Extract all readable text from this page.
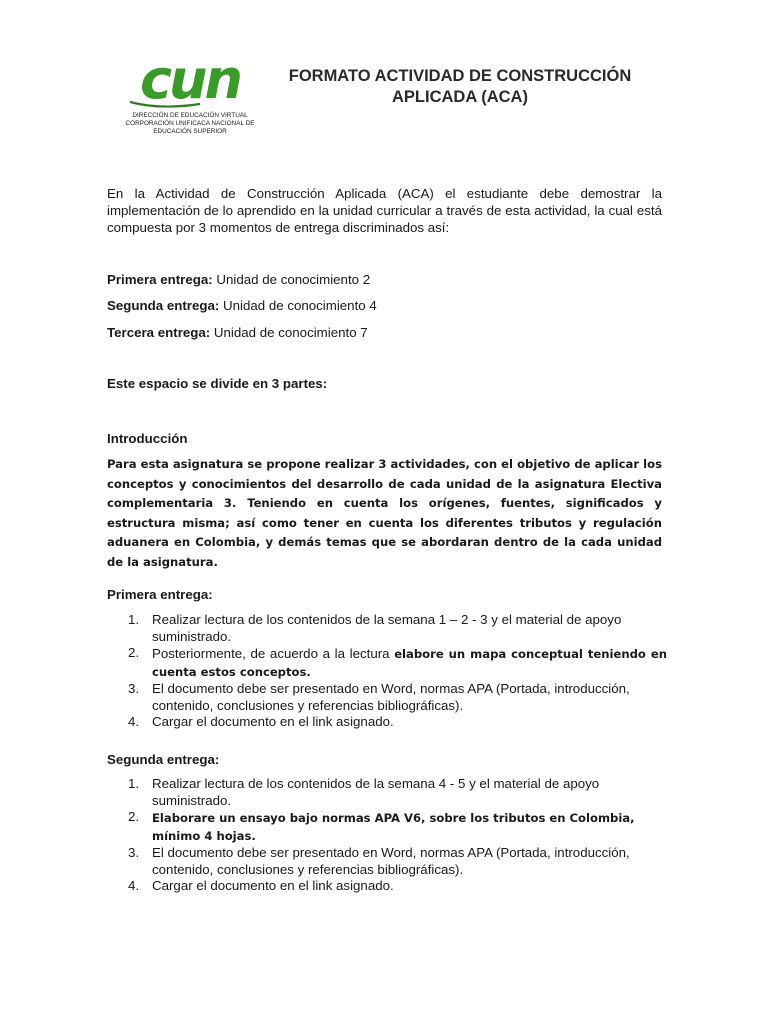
cun
DIRECCIÓN DE EDUCACIÓN VIRTUAL
CORPORACIÓN UNIFICACA NACIONAL DE
EDUCACIÓN SUPERIOR
FORMATO ACTIVIDAD DE CONSTRUCCIÓN
APLICADA (ACA)
En la Actividad de Construcción Aplicada (ACA) el estudiante debe demostrar la implementación de lo aprendido en la unidad curricular a través de esta actividad, la cual está compuesta por 3 momentos de entrega discriminados así:
Primera entrega: Unidad de conocimiento 2
Segunda entrega: Unidad de conocimiento 4
Tercera entrega: Unidad de conocimiento 7
Este espacio se divide en 3 partes:
Introducción
Para esta asignatura se propone realizar 3 actividades, con el objetivo de aplicar los conceptos y conocimientos del desarrollo de cada unidad de la asignatura Electiva complementaria 3. Teniendo en cuenta los orígenes, fuentes, significados y estructura misma; así como tener en cuenta los diferentes tributos y regulación aduanera en Colombia, y demás temas que se abordaran dentro de la cada unidad de la asignatura.
Primera entrega:
1. Realizar lectura de los contenidos de la semana 1 – 2 - 3 y el material de apoyo suministrado.
2. Posteriormente, de acuerdo a la lectura elabore un mapa conceptual teniendo en cuenta estos conceptos.
3. El documento debe ser presentado en Word, normas APA (Portada, introducción, contenido, conclusiones y referencias bibliográficas).
4. Cargar el documento en el link asignado.
Segunda entrega:
1. Realizar lectura de los contenidos de la semana 4 - 5 y el material de apoyo suministrado.
2. Elaborare un ensayo bajo normas APA V6, sobre los tributos en Colombia, mínimo 4 hojas.
3. El documento debe ser presentado en Word, normas APA (Portada, introducción, contenido, conclusiones y referencias bibliográficas).
4. Cargar el documento en el link asignado.
